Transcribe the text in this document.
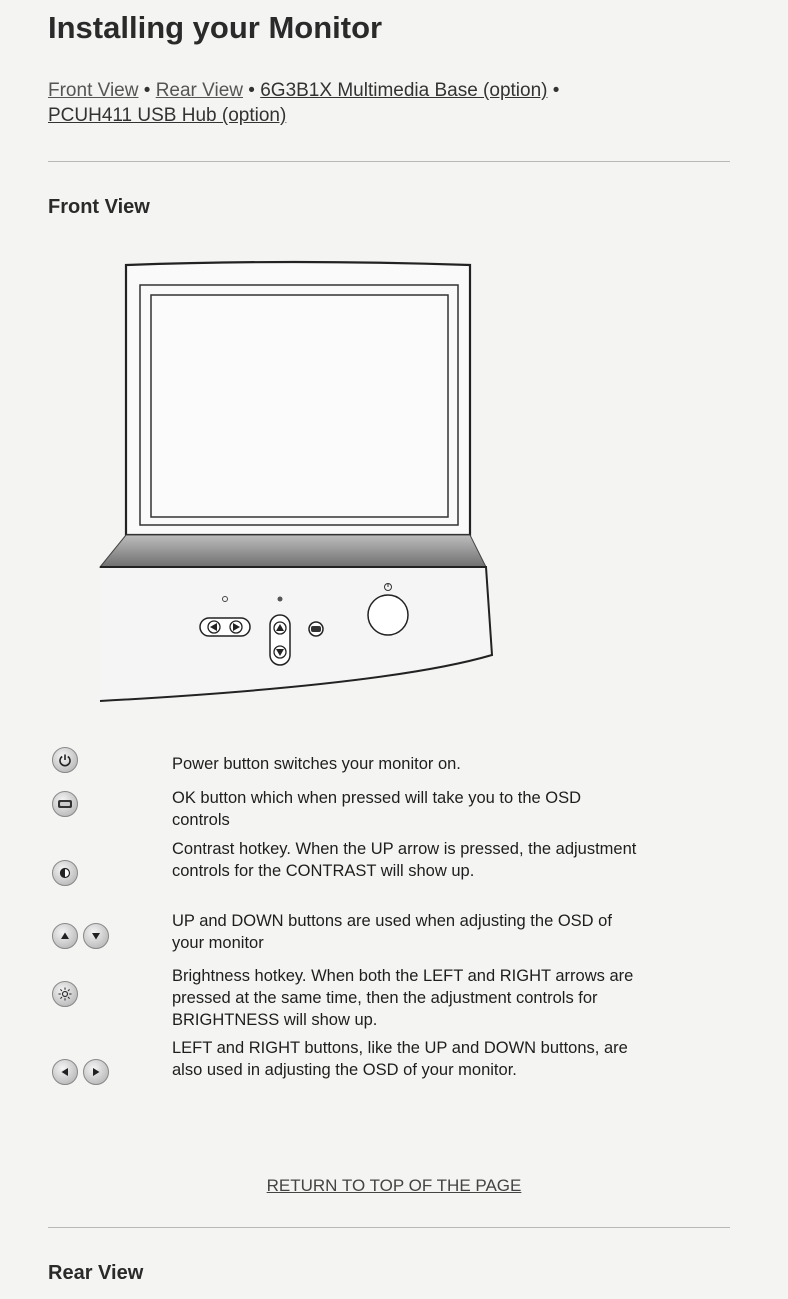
Installing your Monitor
Front View • Rear View • 6G3B1X Multimedia Base (option) •
PCUH411 USB Hub (option)
Front View
Power button switches your monitor on.
OK button which when pressed will take you to the OSD controls
Contrast hotkey. When the UP arrow is pressed, the adjustment controls for the CONTRAST will show up.
UP and DOWN buttons are used when adjusting the OSD of your monitor
Brightness hotkey. When both the LEFT and RIGHT arrows are pressed at the same time, then the adjustment controls for BRIGHTNESS will show up.
LEFT and RIGHT buttons, like the UP and DOWN buttons, are also used in adjusting the OSD of your monitor.
RETURN TO TOP OF THE PAGE
Rear View
